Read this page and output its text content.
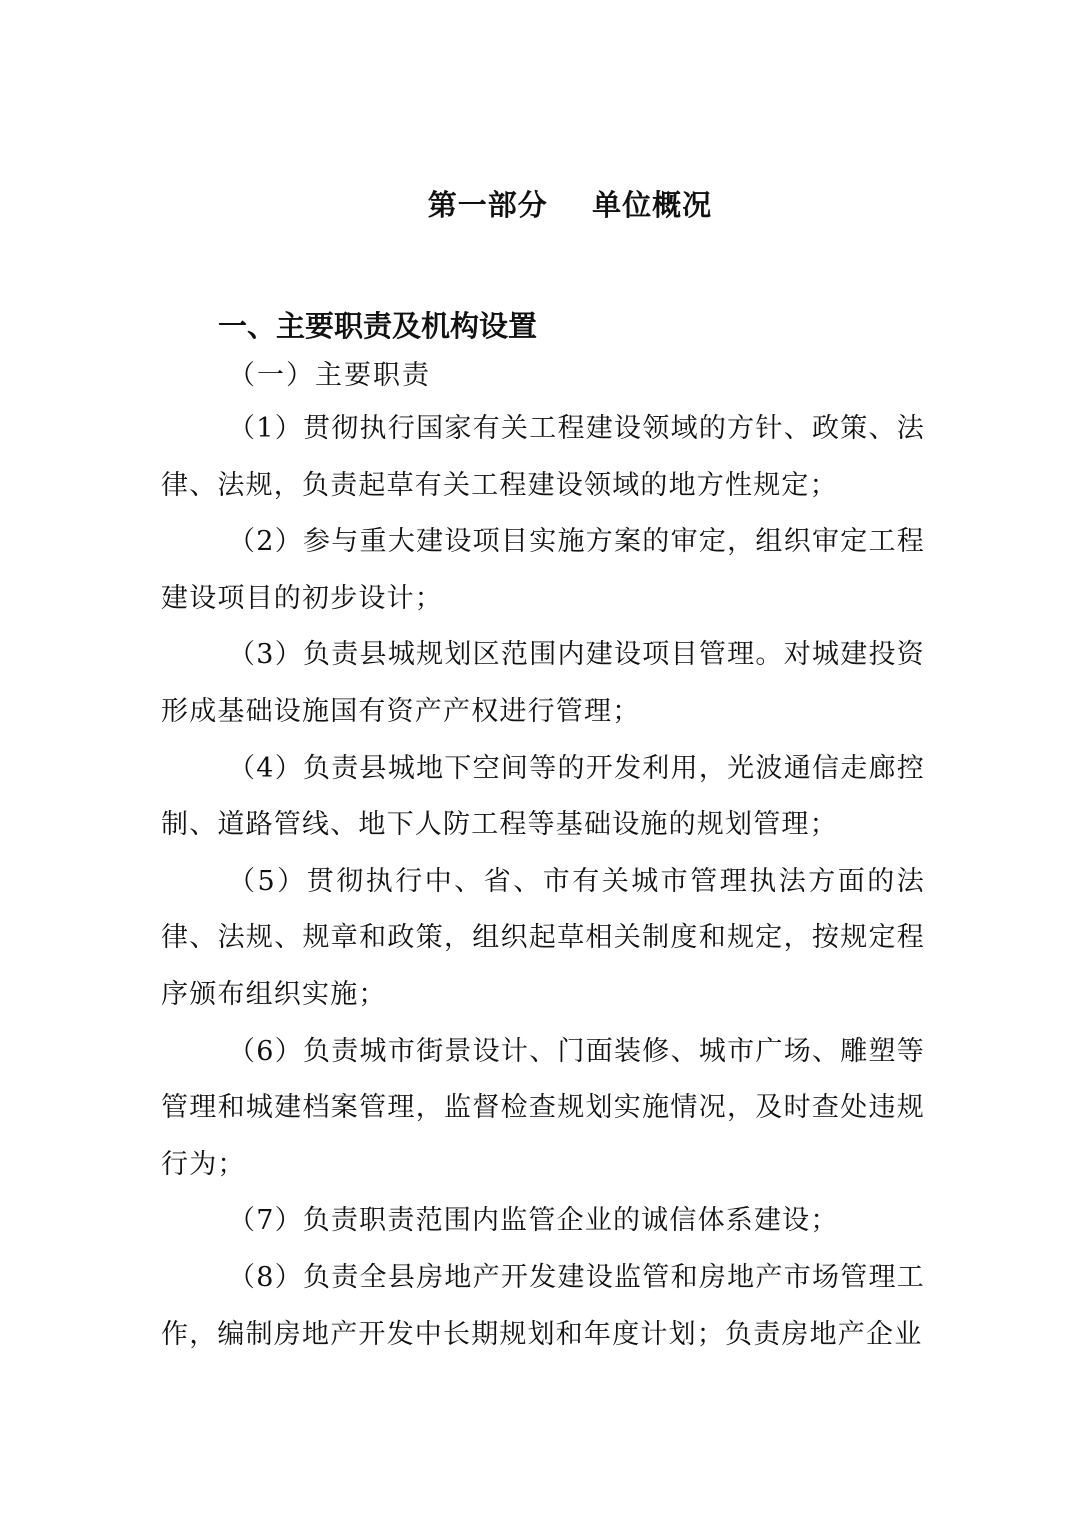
第一部分    单位概况
一、主要职责及机构设置
（一）主要职责

（1）贯彻执行国家有关工程建设领域的方针、政策、法律、法规，负责起草有关工程建设领域的地方性规定；

（2）参与重大建设项目实施方案的审定，组织审定工程建设项目的初步设计；

（3）负责县城规划区范围内建设项目管理。对城建投资形成基础设施国有资产产权进行管理；

（4）负责县城地下空间等的开发利用，光波通信走廊控制、道路管线、地下人防工程等基础设施的规划管理；

（5）贯彻执行中、省、市有关城市管理执法方面的法律、法规、规章和政策，组织起草相关制度和规定，按规定程序颁布组织实施；

（6）负责城市街景设计、门面装修、城市广场、雕塑等管理和城建档案管理，监督检查规划实施情况，及时查处违规行为；

（7）负责职责范围内监管企业的诚信体系建设；

（8）负责全县房地产开发建设监管和房地产市场管理工作，编制房地产开发中长期规划和年度计划；负责房地产企业
